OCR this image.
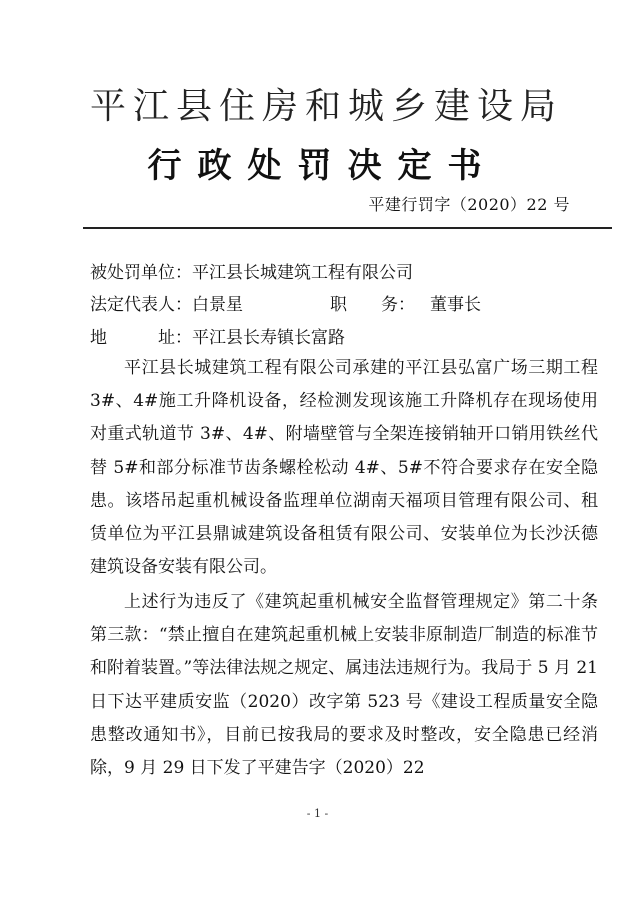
平江县住房和城乡建设局
行政处罚决定书
平建行罚字（2020）22 号
被处罚单位：平江县长城建筑工程有限公司
法定代表人：白景星	职　　务： 董事长
地　　　址：平江县长寿镇长富路

平江县长城建筑工程有限公司承建的平江县弘富广场三期工程 3#、4#施工升降机设备，经检测发现该施工升降机存在现场使用对重式轨道节 3#、4#、附墙壁管与全架连接销轴开口销用铁丝代替 5#和部分标准节齿条螺栓松动 4#、5#不符合要求存在安全隐患。该塔吊起重机械设备监理单位湖南天福项目管理有限公司、租赁单位为平江县鼎诚建筑设备租赁有限公司、安装单位为长沙沃德建筑设备安装有限公司。

上述行为违反了《建筑起重机械安全监督管理规定》第二十条第三款：“禁止擅自在建筑起重机械上安装非原制造厂制造的标准节和附着装置。”等法律法规之规定、属违法违规行为。我局于 5 月 21 日下达平建质安监（2020）改字第 523 号《建设工程质量安全隐患整改通知书》，目前已按我局的要求及时整改，安全隐患已经消除，9 月 29 日下发了平建告字（2020）22

- 1 -
